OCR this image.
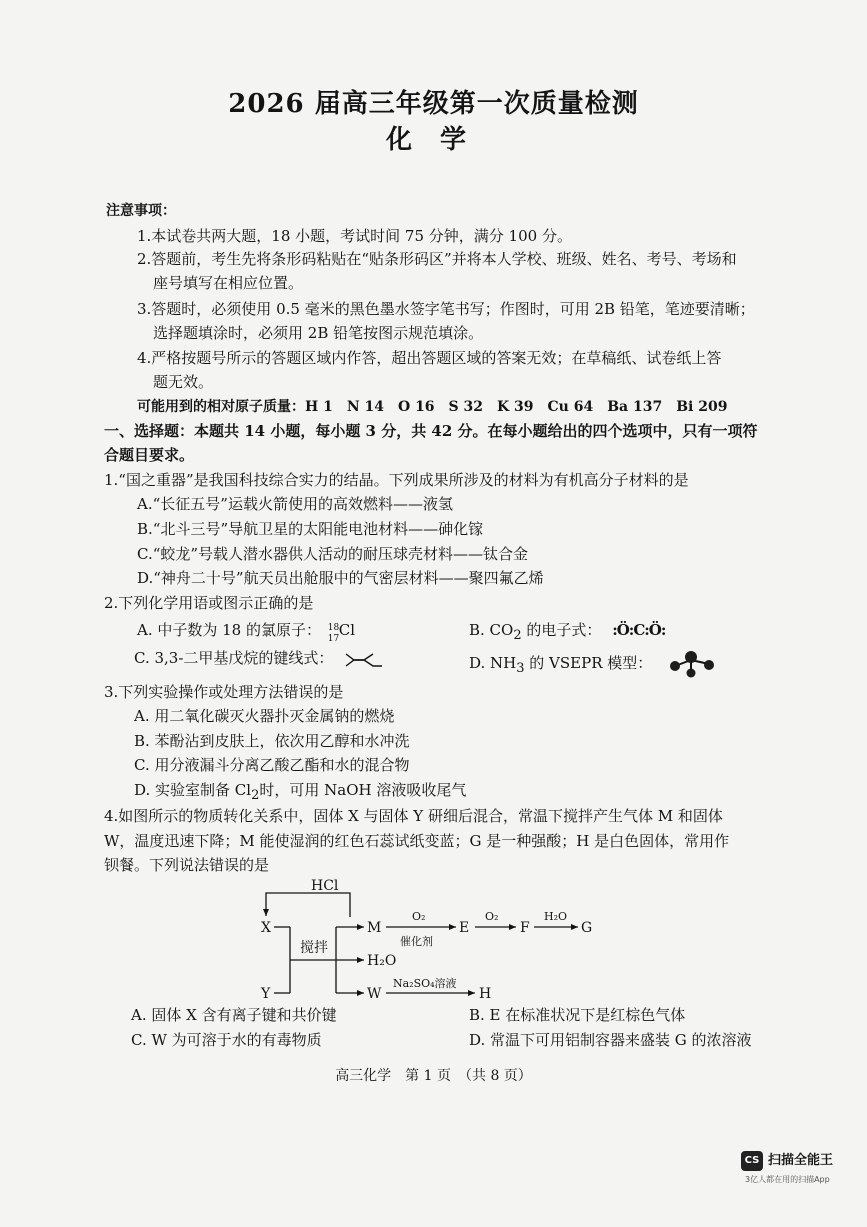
2026 届高三年级第一次质量检测
化学
注意事项：
1.本试卷共两大题，18 小题，考试时间 75 分钟，满分 100 分。
2.答题前，考生先将条形码粘贴在“贴条形码区”并将本人学校、班级、姓名、考号、考场和
座号填写在相应位置。
3.答题时，必须使用 0.5 毫米的黑色墨水签字笔书写；作图时，可用 2B 铅笔，笔迹要清晰；
选择题填涂时，必须用 2B 铅笔按图示规范填涂。
4.严格按题号所示的答题区域内作答，超出答题区域的答案无效；在草稿纸、试卷纸上答
题无效。
可能用到的相对原子质量：H 1　N 14　O 16　S 32　K 39　Cu 64　Ba 137　Bi 209
一、选择题：本题共 14 小题，每小题 3 分，共 42 分。在每小题给出的四个选项中，只有一项符
合题目要求。
1.“国之重器”是我国科技综合实力的结晶。下列成果所涉及的材料为有机高分子材料的是
A.“长征五号”运载火箭使用的高效燃料——液氢
B.“北斗三号”导航卫星的太阳能电池材料——砷化镓
C.“蛟龙”号载人潜水器供人活动的耐压球壳材料——钛合金
D.“神舟二十号”航天员出舱服中的气密层材料——聚四氟乙烯
2.下列化学用语或图示正确的是
A. 中子数为 18 的氯原子： 18
17 Cl	B. CO2 的电子式： :Ö:C:Ö:
C. 3,3-二甲基戊烷的键线式：	D. NH3 的 VSEPR 模型：
3.下列实验操作或处理方法错误的是
A. 用二氧化碳灭火器扑灭金属钠的燃烧
B. 苯酚沾到皮肤上，依次用乙醇和水冲洗
C. 用分液漏斗分离乙酸乙酯和水的混合物
D. 实验室制备 Cl2时，可用 NaOH 溶液吸收尾气
4.如图所示的物质转化关系中，固体 X 与固体 Y 研细后混合，常温下搅拌产生气体 M 和固体
W，温度迅速下降；M 能使湿润的红色石蕊试纸变蓝；G 是一种强酸；H 是白色固体，常用作
钡餐。下列说法错误的是
HCl
X
Y
搅拌
M
H₂O
W
E	F	G
H
O₂
催化剂
O₂	H₂O
Na₂SO₄溶液
A. 固体 X 含有离子键和共价键	B. E 在标准状况下是红棕色气体
C. W 为可溶于水的有毒物质	D. 常温下可用铝制容器来盛装 G 的浓溶液
高三化学　第 1 页　（共 8 页）
CS 扫描全能王
3亿人都在用的扫描App
